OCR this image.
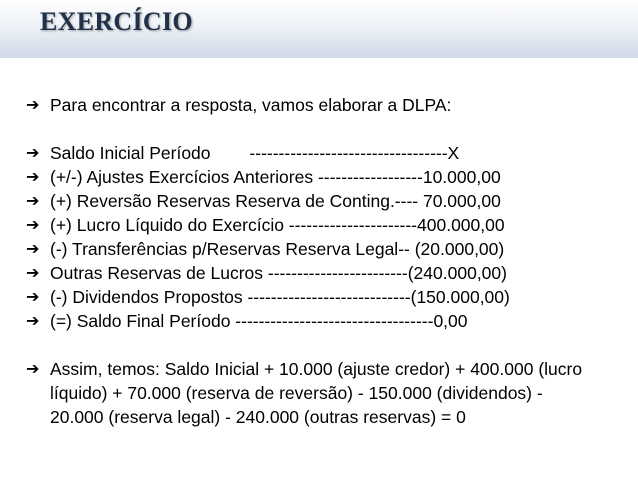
EXERCÍCIO
➔ Para encontrar a resposta, vamos elaborar a DLPA:
➔ Saldo Inicial Período        ----------------------------------X
➔ (+/-) Ajustes Exercícios Anteriores ------------------10.000,00
➔ (+) Reversão Reservas Reserva de Conting.---- 70.000,00
➔ (+) Lucro Líquido do Exercício ----------------------400.000,00
➔ (-) Transferências p/Reservas Reserva Legal-- (20.000,00)
➔ Outras Reservas de Lucros ------------------------(240.000,00)
➔ (-) Dividendos Propostos ----------------------------(150.000,00)
➔ (=) Saldo Final Período ----------------------------------0,00
➔ Assim, temos: Saldo Inicial + 10.000 (ajuste credor) + 400.000 (lucro líquido) + 70.000 (reserva de reversão) - 150.000 (dividendos) - 20.000 (reserva legal) - 240.000 (outras reservas) = 0
